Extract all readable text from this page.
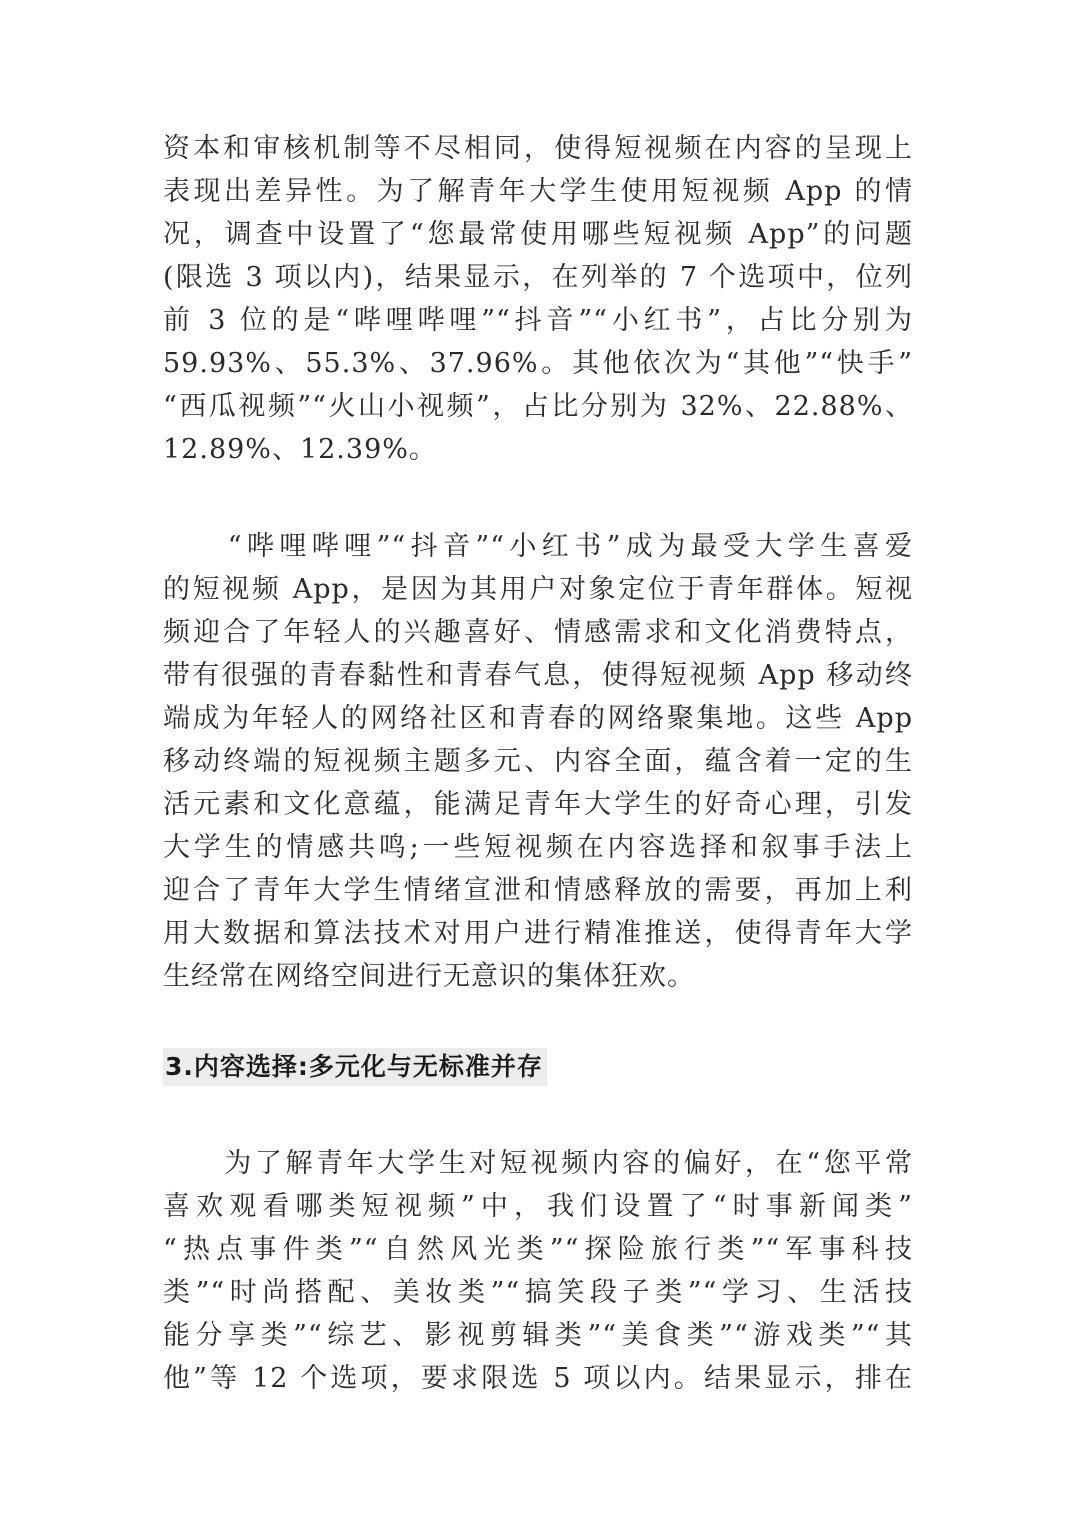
资本和审核机制等不尽相同，使得短视频在内容的呈现上
表现出差异性。为了解青年大学生使用短视频 App 的情
况，调查中设置了“您最常使用哪些短视频 App”的问题
(限选 3 项以内)，结果显示，在列举的 7 个选项中，位列
前 3 位的是“哔哩哔哩”“抖音”“小红书”，占比分别为
59.93%、55.3%、37.96%。其他依次为“其他”“快手”
“西瓜视频”“火山小视频”，占比分别为 32%、22.88%、
12.89%、12.39%。
　　“哔哩哔哩”“抖音”“小红书”成为最受大学生喜爱
的短视频 App，是因为其用户对象定位于青年群体。短视
频迎合了年轻人的兴趣喜好、情感需求和文化消费特点，
带有很强的青春黏性和青春气息，使得短视频 App 移动终
端成为年轻人的网络社区和青春的网络聚集地。这些 App
移动终端的短视频主题多元、内容全面，蕴含着一定的生
活元素和文化意蕴，能满足青年大学生的好奇心理，引发
大学生的情感共鸣;一些短视频在内容选择和叙事手法上
迎合了青年大学生情绪宣泄和情感释放的需要，再加上利
用大数据和算法技术对用户进行精准推送，使得青年大学
生经常在网络空间进行无意识的集体狂欢。
3.内容选择:多元化与无标准并存
　　为了解青年大学生对短视频内容的偏好，在“您平常
喜欢观看哪类短视频”中，我们设置了“时事新闻类”
“热点事件类”“自然风光类”“探险旅行类”“军事科技
类”“时尚搭配、美妆类”“搞笑段子类”“学习、生活技
能分享类”“综艺、影视剪辑类”“美食类”“游戏类”“其
他”等 12 个选项，要求限选 5 项以内。结果显示，排在
